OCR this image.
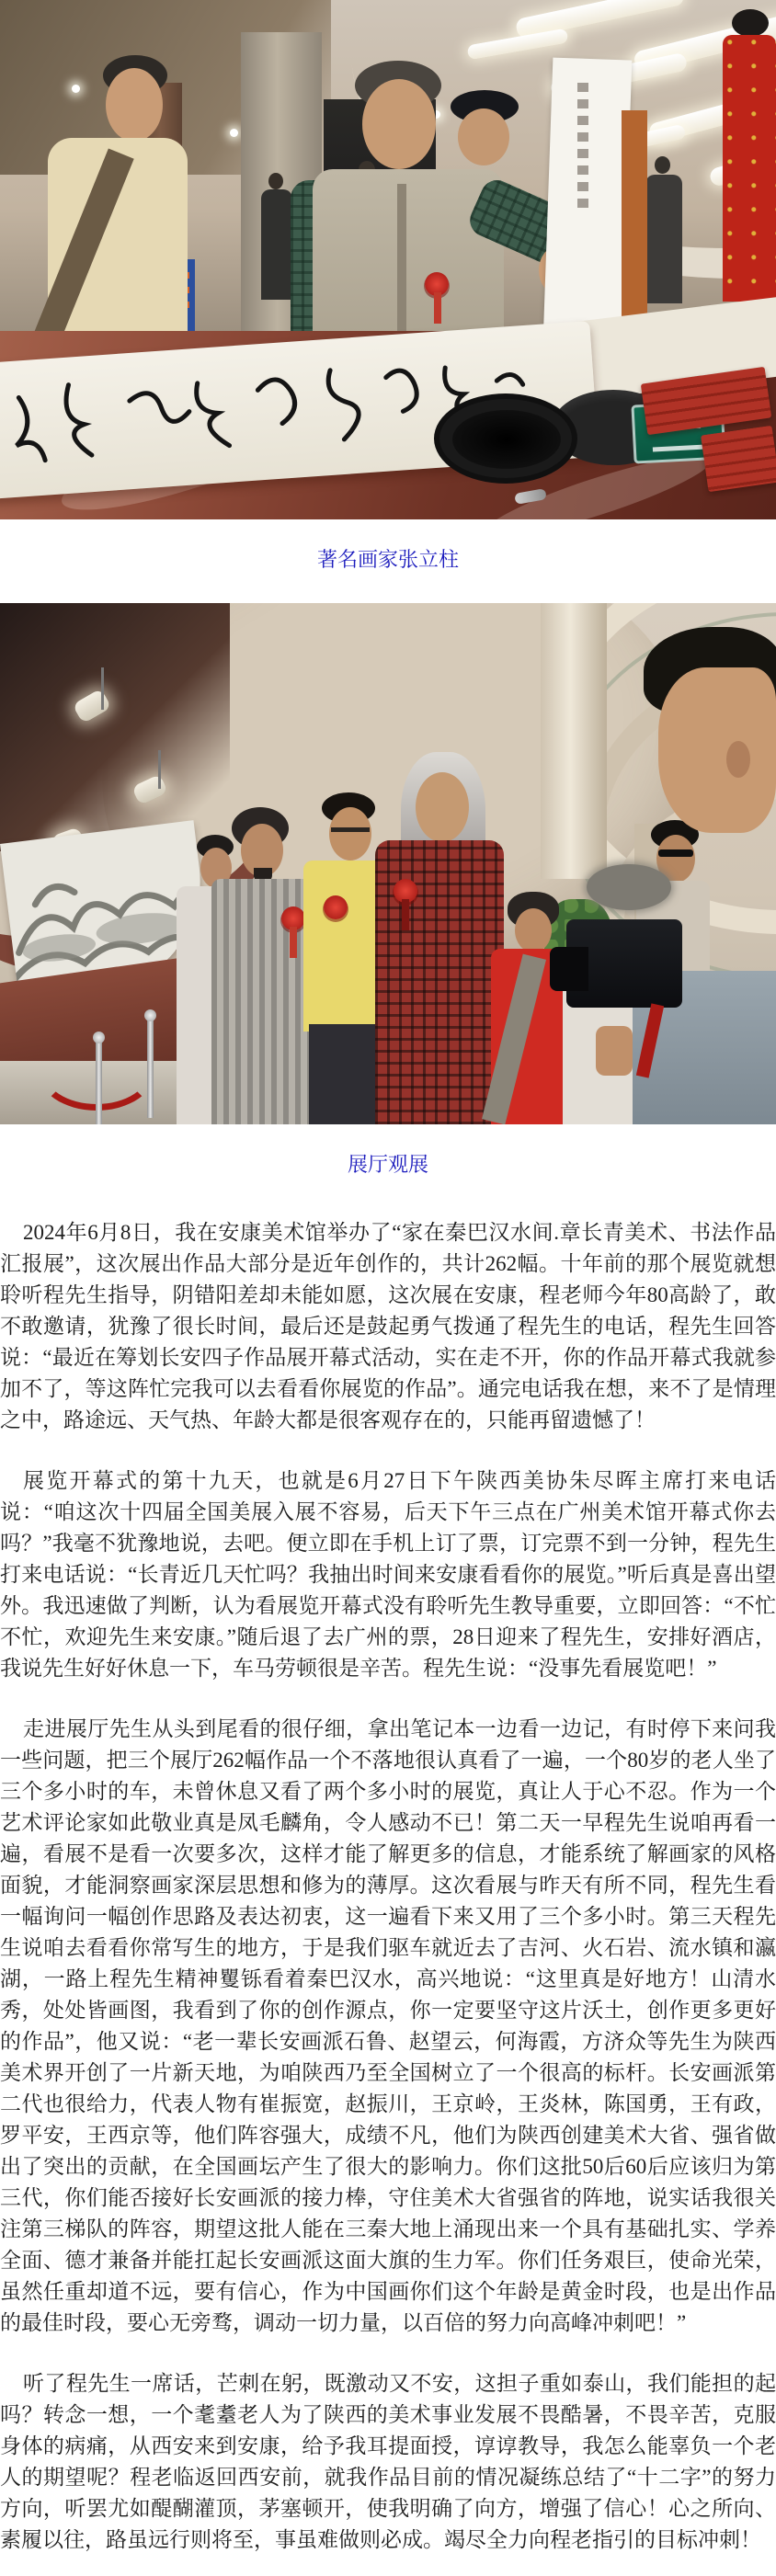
著名画家张立柱
展厅观展

2024年6月8日，我在安康美术馆举办了“家在秦巴汉水间.章长青美术、书法作品汇报展”，这次展出作品大部分是近年创作的，共计262幅。十年前的那个展览就想聆听程先生指导，阴错阳差却未能如愿，这次展在安康，程老师今年80高龄了，敢不敢邀请，犹豫了很长时间，最后还是鼓起勇气拨通了程先生的电话，程先生回答说：“最近在筹划长安四子作品展开幕式活动，实在走不开，你的作品开幕式我就参加不了，等这阵忙完我可以去看看你展览的作品”。通完电话我在想，来不了是情理之中，路途远、天气热、年龄大都是很客观存在的，只能再留遗憾了！

展览开幕式的第十九天，也就是6月27日下午陕西美协朱尽晖主席打来电话说：“咱这次十四届全国美展入展不容易，后天下午三点在广州美术馆开幕式你去吗？”我毫不犹豫地说，去吧。便立即在手机上订了票，订完票不到一分钟，程先生打来电话说：“长青近几天忙吗？我抽出时间来安康看看你的展览。”听后真是喜出望外。我迅速做了判断，认为看展览开幕式没有聆听先生教导重要，立即回答：“不忙不忙，欢迎先生来安康。”随后退了去广州的票，28日迎来了程先生，安排好酒店，我说先生好好休息一下，车马劳顿很是辛苦。程先生说：“没事先看展览吧！”

走进展厅先生从头到尾看的很仔细，拿出笔记本一边看一边记，有时停下来问我一些问题，把三个展厅262幅作品一个不落地很认真看了一遍，一个80岁的老人坐了三个多小时的车，未曾休息又看了两个多小时的展览，真让人于心不忍。作为一个艺术评论家如此敬业真是凤毛麟角，令人感动不已！第二天一早程先生说咱再看一遍，看展不是看一次要多次，这样才能了解更多的信息，才能系统了解画家的风格面貌，才能洞察画家深层思想和修为的薄厚。这次看展与昨天有所不同，程先生看一幅询问一幅创作思路及表达初衷，这一遍看下来又用了三个多小时。第三天程先生说咱去看看你常写生的地方，于是我们驱车就近去了吉河、火石岩、流水镇和瀛湖，一路上程先生精神矍铄看着秦巴汉水，高兴地说：“这里真是好地方！山清水秀，处处皆画图，我看到了你的创作源点，你一定要坚守这片沃土，创作更多更好的作品”，他又说：“老一辈长安画派石鲁、赵望云，何海霞，方济众等先生为陕西美术界开创了一片新天地，为咱陕西乃至全国树立了一个很高的标杆。长安画派第二代也很给力，代表人物有崔振宽，赵振川，王京岭，王炎林，陈国勇，王有政，罗平安，王西京等，他们阵容强大，成绩不凡，他们为陕西创建美术大省、强省做出了突出的贡献，在全国画坛产生了很大的影响力。你们这批50后60后应该归为第三代，你们能否接好长安画派的接力棒，守住美术大省强省的阵地，说实话我很关注第三梯队的阵容，期望这批人能在三秦大地上涌现出来一个具有基础扎实、学养全面、德才兼备并能扛起长安画派这面大旗的生力军。你们任务艰巨，使命光荣，虽然任重却道不远，要有信心，作为中国画你们这个年龄是黄金时段，也是出作品的最佳时段，要心无旁骛，调动一切力量，以百倍的努力向高峰冲刺吧！”

听了程先生一席话，芒刺在躬，既激动又不安，这担子重如泰山，我们能担的起吗？转念一想，一个耄耋老人为了陕西的美术事业发展不畏酷暑，不畏辛苦，克服身体的病痛，从西安来到安康，给予我耳提面授，谆谆教导，我怎么能辜负一个老人的期望呢？程老临返回西安前，就我作品目前的情况凝练总结了“十二字”的努力方向，听罢尤如醍醐灌顶，茅塞顿开，使我明确了向方，增强了信心！心之所向、素履以往，路虽远行则将至，事虽难做则必成。竭尽全力向程老指引的目标冲刺！
